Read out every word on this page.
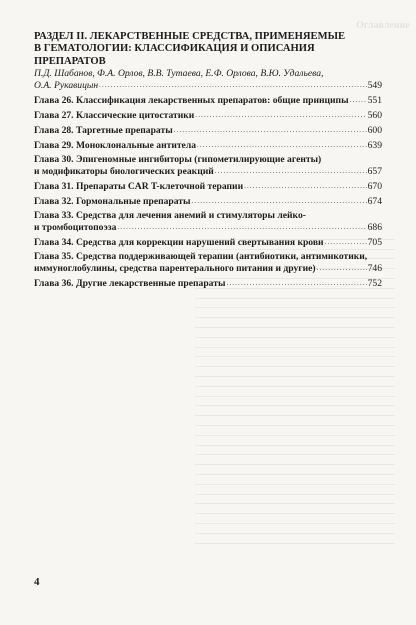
Оглавление

РАЗДЕЛ II. ЛЕКАРСТВЕННЫЕ СРЕДСТВА, ПРИМЕНЯЕМЫЕ

В ГЕМАТОЛОГИИ: КЛАССИФИКАЦИЯ И ОПИСАНИЯ ПРЕПАРАТОВ

П.Д. Шабанов, Ф.А. Орлов, В.В. Тутаева, Е.Ф. Орлова, В.Ю. Удальева,

О.А. Рукавицын . . .	549
Глава 26. Классификация лекарственных препаратов: общие принципы . . . 551
Глава 27. Классические цитостатики . . .	560
Глава 28. Таргетные препараты . . .	600
Глава 29. Моноклональные антитела . . .	639
Глава 30. Эпигеномные ингибиторы (гипометилирующие агенты)
и модификаторы биологических реакций . . .	657
Глава 31. Препараты CAR T-клеточной терапии . . .	670
Глава 32. Гормональные препараты . . .	674
Глава 33. Средства для лечения анемий и стимуляторы лейко-
и тромбоцитопоэза . . .	686
Глава 34. Средства для коррекции нарушений свертывания крови . . .	705
Глава 35. Средства поддерживающей терапии (антибиотики, антимикотики,
иммуноглобулины, средства парентерального питания и другие) . . .	746
Глава 36. Другие лекарственные препараты . . .	752
4
